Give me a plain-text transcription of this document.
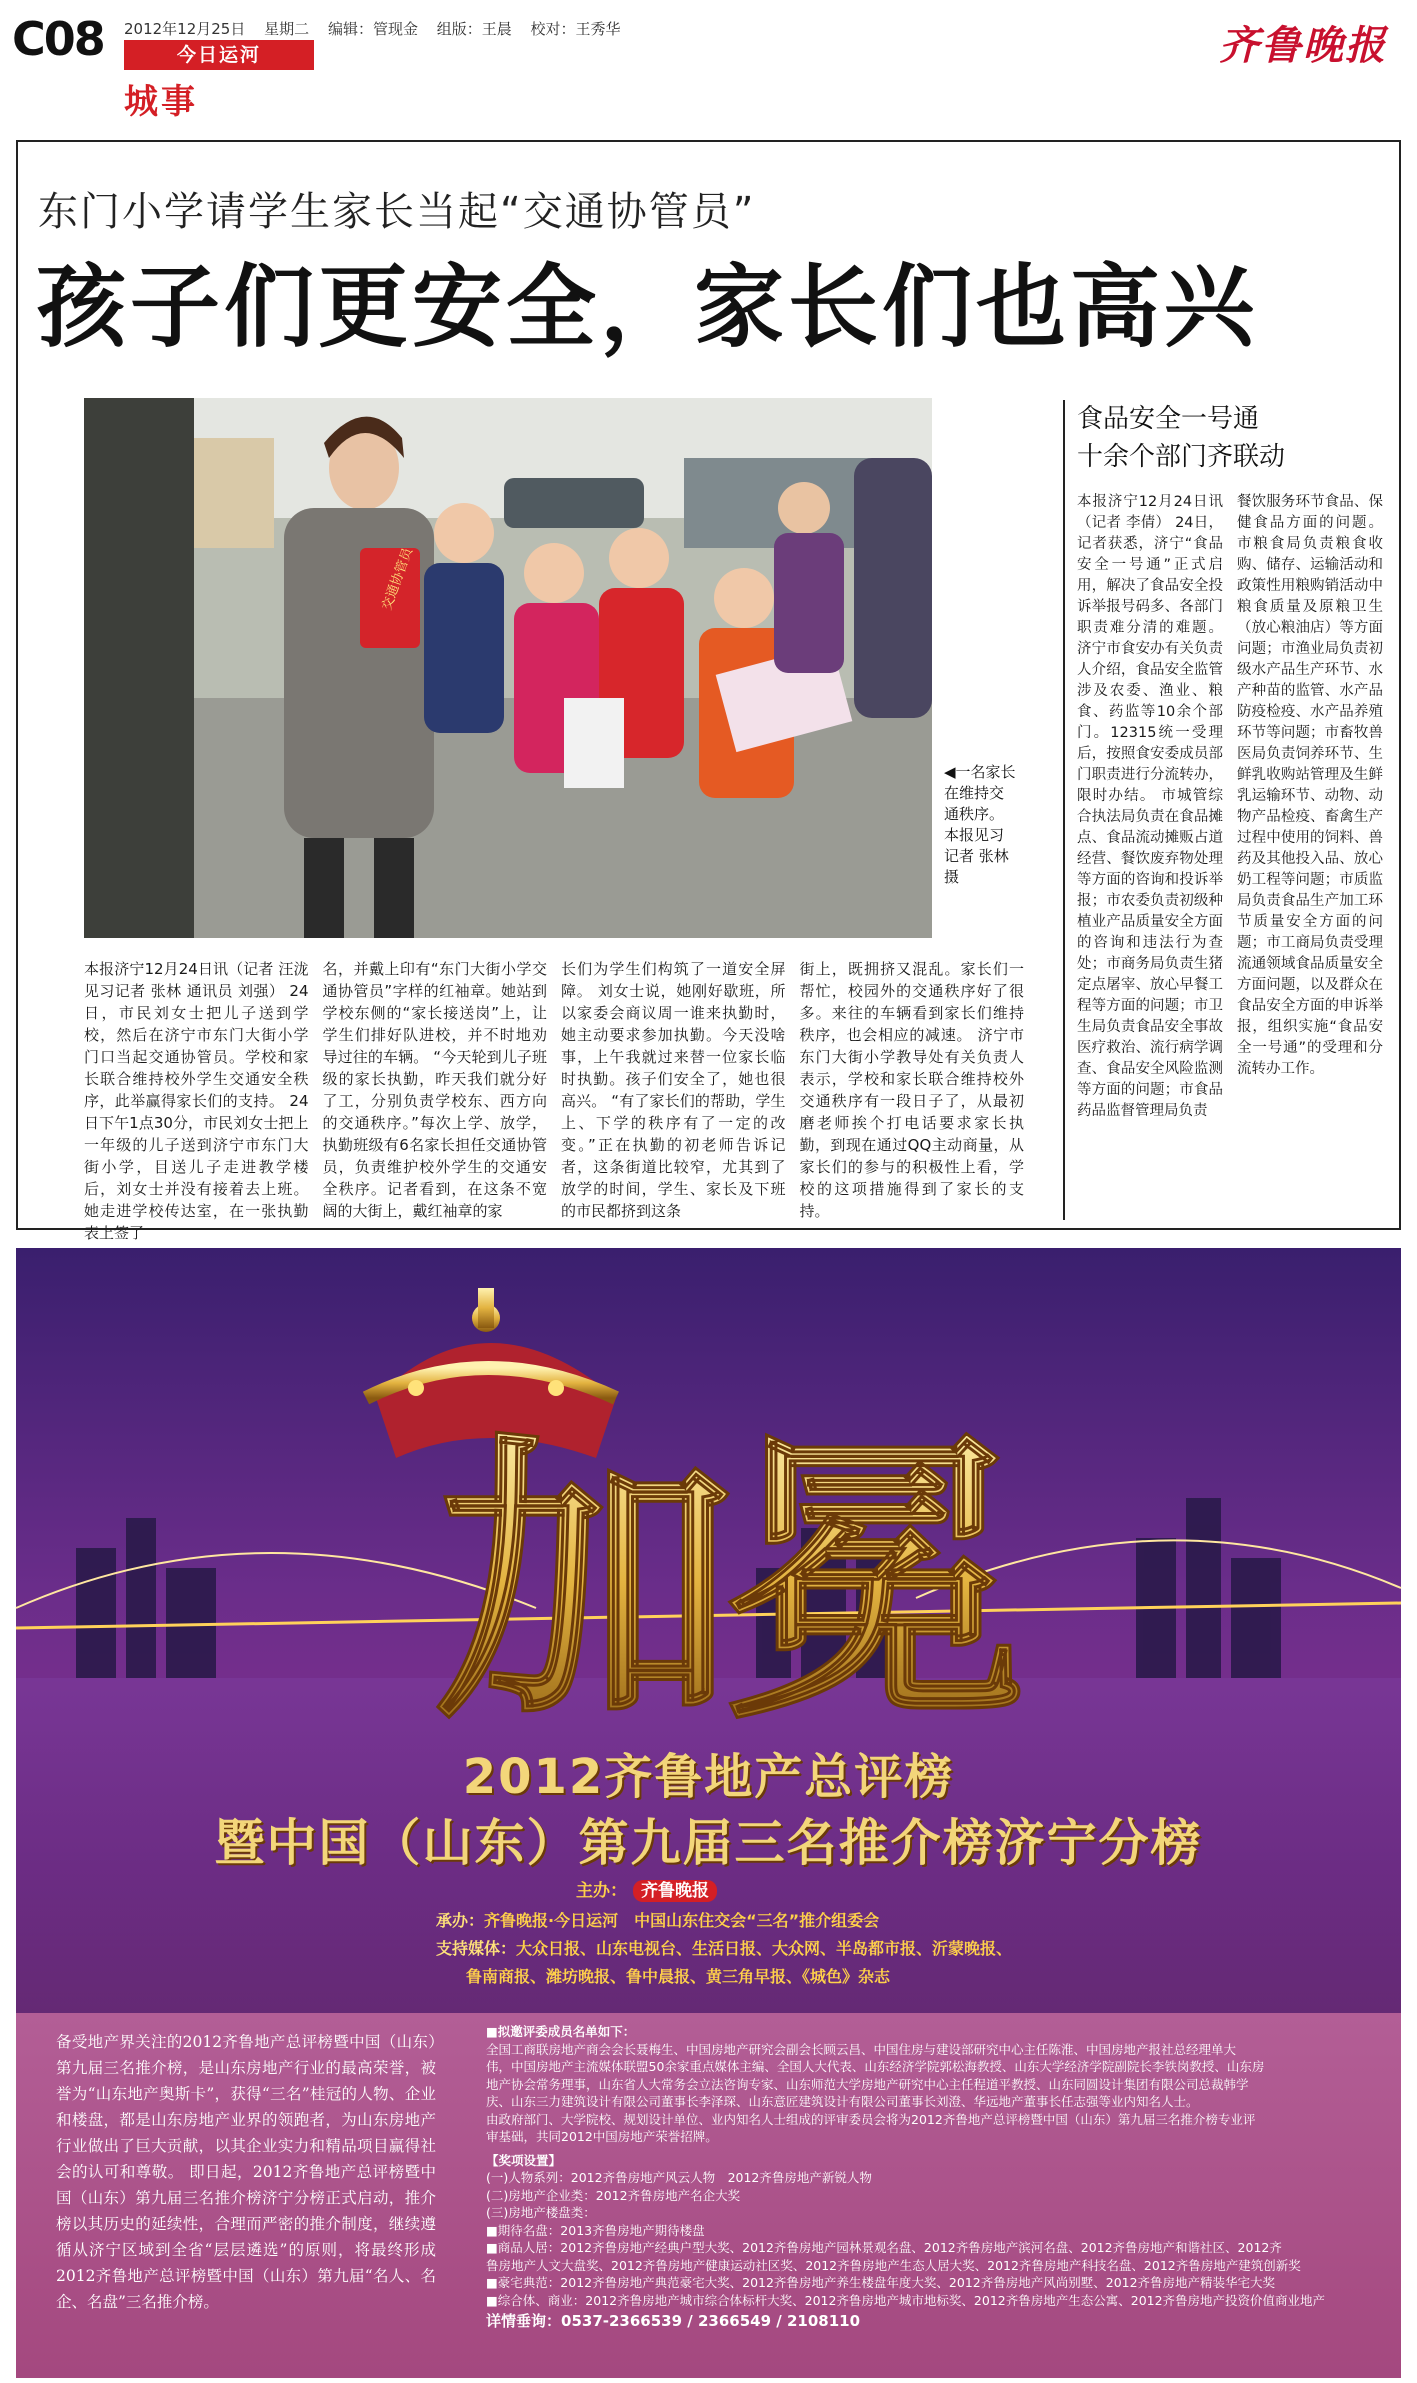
C08 2012年12月25日 星期二 编辑：管现金 组版：王晨 校对：王秀华
今日运河
城事
齐鲁晚报
东门小学请学生家长当起“交通协管员”
孩子们更安全，家长们也高兴
交通协管员
◀一名家长在维持交通秩序。本报见习记者 张林 摄
本报济宁12月24日讯（记者 汪泷 见习记者 张林 通讯员 刘强） 24日，市民刘女士把儿子送到学校，然后在济宁市东门大街小学门口当起交通协管员。学校和家长联合维持校外学生交通安全秩序，此举赢得家长们的支持。 24日下午1点30分，市民刘女士把上一年级的儿子送到济宁市东门大街小学，目送儿子走进教学楼后，刘女士并没有接着去上班。她走进学校传达室，在一张执勤表上签了
名，并戴上印有“东门大街小学交通协管员”字样的红袖章。她站到学校东侧的“家长接送岗”上，让学生们排好队进校，并不时地劝导过往的车辆。 “今天轮到儿子班级的家长执勤，昨天我们就分好了工，分别负责学校东、西方向的交通秩序。”每次上学、放学，执勤班级有6名家长担任交通协管员，负责维护校外学生的交通安全秩序。记者看到，在这条不宽阔的大街上，戴红袖章的家
长们为学生们构筑了一道安全屏障。 刘女士说，她刚好歇班，所以家委会商议周一谁来执勤时，她主动要求参加执勤。今天没啥事，上午我就过来替一位家长临时执勤。孩子们安全了，她也很高兴。 “有了家长们的帮助，学生上、下学的秩序有了一定的改变。”正在执勤的初老师告诉记者，这条街道比较窄，尤其到了放学的时间，学生、家长及下班的市民都挤到这条
街上，既拥挤又混乱。家长们一帮忙，校园外的交通秩序好了很多。来往的车辆看到家长们维持秩序，也会相应的减速。 济宁市东门大街小学教导处有关负责人表示，学校和家长联合维持校外交通秩序有一段日子了，从最初磨老师挨个打电话要求家长执勤，到现在通过QQ主动商量，从家长们的参与的积极性上看，学校的这项措施得到了家长的支持。
食品安全一号通
十余个部门齐联动
本报济宁12月24日讯（记者 李倩） 24日，记者获悉，济宁“食品安全一号通”正式启用，解决了食品安全投诉举报号码多、各部门职责难分清的难题。 济宁市食安办有关负责人介绍，食品安全监管涉及农委、渔业、粮食、药监等10余个部门。12315统一受理后，按照食安委成员部门职责进行分流转办，限时办结。 市城管综合执法局负责在食品摊点、食品流动摊贩占道经营、餐饮废弃物处理等方面的咨询和投诉举报；市农委负责初级种植业产品质量安全方面的咨询和违法行为查处；市商务局负责生猪定点屠宰、放心早餐工程等方面的问题；市卫生局负责食品安全事故医疗救治、流行病学调查、食品安全风险监测等方面的问题；市食品药品监督管理局负责
餐饮服务环节食品、保健食品方面的问题。 市粮食局负责粮食收购、储存、运输活动和政策性用粮购销活动中粮食质量及原粮卫生（放心粮油店）等方面问题；市渔业局负责初级水产品生产环节、水产种苗的监管、水产品防疫检疫、水产品养殖环节等问题；市畜牧兽医局负责饲养环节、生鲜乳收购站管理及生鲜乳运输环节、动物、动物产品检疫、畜禽生产过程中使用的饲料、兽药及其他投入品、放心奶工程等问题；市质监局负责食品生产加工环节质量安全方面的问题；市工商局负责受理流通领域食品质量安全方面问题，以及群众在食品安全方面的申诉举报，组织实施“食品安全一号通”的受理和分流转办工作。
加冕
2012齐鲁地产总评榜
暨中国（山东）第九届三名推介榜济宁分榜
主办： 齐鲁晚报
承办：齐鲁晚报·今日运河　中国山东住交会“三名”推介组委会
支持媒体：大众日报、山东电视台、生活日报、大众网、半岛都市报、沂蒙晚报、
鲁南商报、潍坊晚报、鲁中晨报、黄三角早报、《城色》杂志
备受地产界关注的2012齐鲁地产总评榜暨中国（山东）第九届三名推介榜，是山东房地产行业的最高荣誉，被誉为“山东地产奥斯卡”，获得“三名”桂冠的人物、企业和楼盘，都是山东房地产业界的领跑者，为山东房地产行业做出了巨大贡献，以其企业实力和精品项目赢得社会的认可和尊敬。 即日起，2012齐鲁地产总评榜暨中国（山东）第九届三名推介榜济宁分榜正式启动，推介榜以其历史的延续性，合理而严密的推介制度，继续遵循从济宁区域到全省“层层遴选”的原则，将最终形成2012齐鲁地产总评榜暨中国（山东）第九届“名人、名企、名盘”三名推介榜。
■拟邀评委成员名单如下：
全国工商联房地产商会会长聂梅生、中国房地产研究会副会长顾云昌、中国住房与建设部研究中心主任陈淮、中国房地产报社总经理单大
伟，中国房地产主流媒体联盟50余家重点媒体主编、全国人大代表、山东经济学院郭松海教授、山东大学经济学院副院长李铁岗教授、山东房
地产协会常务理事，山东省人大常务会立法咨询专家、山东师范大学房地产研究中心主任程道平教授、山东同圆设计集团有限公司总裁韩学
庆、山东三力建筑设计有限公司董事长李泽琛、山东意匠建筑设计有限公司董事长刘澄、华远地产董事长任志强等业内知名人士。
由政府部门、大学院校、规划设计单位、业内知名人士组成的评审委员会将为2012齐鲁地产总评榜暨中国（山东）第九届三名推介榜专业评
审基础，共同2012中国房地产荣誉招牌。
【奖项设置】
(一)人物系列：2012齐鲁房地产风云人物　2012齐鲁房地产新锐人物
(二)房地产企业类：2012齐鲁房地产名企大奖
(三)房地产楼盘类：
■期待名盘：2013齐鲁房地产期待楼盘
■商品人居：2012齐鲁房地产经典户型大奖、2012齐鲁房地产园林景观名盘、2012齐鲁房地产滨河名盘、2012齐鲁房地产和谐社区、2012齐
鲁房地产人文大盘奖、2012齐鲁房地产健康运动社区奖、2012齐鲁房地产生态人居大奖、2012齐鲁房地产科技名盘、2012齐鲁房地产建筑创新奖
■豪宅典范：2012齐鲁房地产典范豪宅大奖、2012齐鲁房地产养生楼盘年度大奖、2012齐鲁房地产风尚别墅、2012齐鲁房地产精装华宅大奖
■综合体、商业：2012齐鲁房地产城市综合体标杆大奖、2012齐鲁房地产城市地标奖、2012齐鲁房地产生态公寓、2012齐鲁房地产投资价值商业地产
详情垂询：0537-2366539 / 2366549 / 2108110
